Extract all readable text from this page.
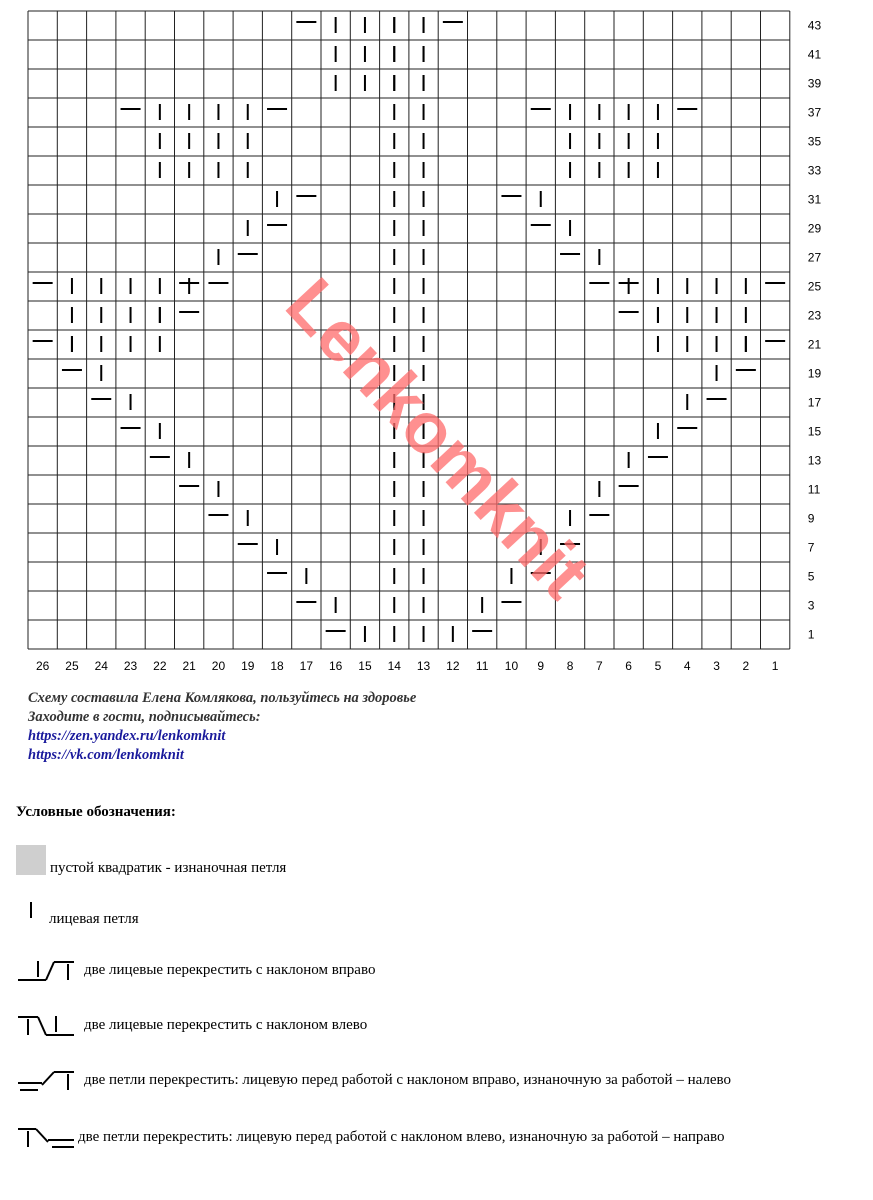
26 25 24 23 22 21 20 19 18 17 16 15 14 13 12 11 10 9 8 7 6 5 4 3 2 1
1
3
5
7
9
11
13
15
17
19
21
23
25
27
29
31
33
35
37
39
41
43
Lenkomknit
Схему составила Елена Комлякова, пользуйтесь на здоровье
Заходите в гости, подписывайтесь:
https://zen.yandex.ru/lenkomknit
https://vk.com/lenkomknit
Условные обозначения:
пустой квадратик - изнаночная петля
лицевая петля
две лицевые перекрестить с наклоном вправо
две лицевые перекрестить с наклоном влево
две петли перекрестить: лицевую перед работой с наклоном вправо, изнаночную за работой – налево
две петли перекрестить: лицевую перед работой с наклоном влево, изнаночную за работой – направо
